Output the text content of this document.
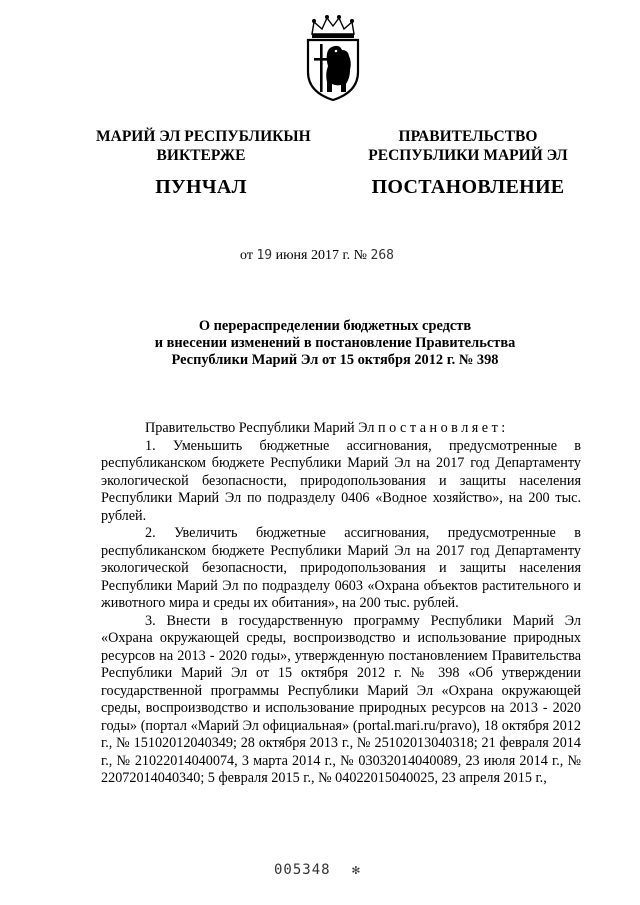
МАРИЙ ЭЛ РЕСПУБЛИКЫН
ВИКТЕРЖЕ
ПУНЧАЛ
ПРАВИТЕЛЬСТВО
РЕСПУБЛИКИ МАРИЙ ЭЛ
ПОСТАНОВЛЕНИЕ
от 19 июня 2017 г. № 268
О перераспределении бюджетных средств
и внесении изменений в постановление Правительства
Республики Марий Эл от 15 октября 2012 г. № 398

Правительство Республики Марий Эл постановляет:

1. Уменьшить бюджетные ассигнования, предусмотренные в республиканском бюджете Республики Марий Эл на 2017 год Департаменту экологической безопасности, природопользования и защиты населения Республики Марий Эл по подразделу 0406 «Водное хозяйство», на 200 тыс. рублей.

2. Увеличить бюджетные ассигнования, предусмотренные в республиканском бюджете Республики Марий Эл на 2017 год Департаменту экологической безопасности, природопользования и защиты населения Республики Марий Эл по подразделу 0603 «Охрана объектов растительного и животного мира и среды их обитания», на 200 тыс. рублей.

3. Внести в государственную программу Республики Марий Эл «Охрана окружающей среды, воспроизводство и использование природных ресурсов на 2013 - 2020 годы», утвержденную постановлением Правительства Республики Марий Эл от 15 октября 2012 г. № 398 «Об утверждении государственной программы Республики Марий Эл «Охрана окружающей среды, воспроизводство и использование природных ресурсов на 2013 - 2020 годы» (портал «Марий Эл официальная» (portal.mari.ru/pravo), 18 октября 2012 г., № 15102012040349; 28 октября 2013 г., № 25102013040318; 21 февраля 2014 г., № 21022014040074, 3 марта 2014 г., № 03032014040089, 23 июля 2014 г., № 22072014040340; 5 февраля 2015 г., № 04022015040025, 23 апреля 2015 г.,

005348 ✻
